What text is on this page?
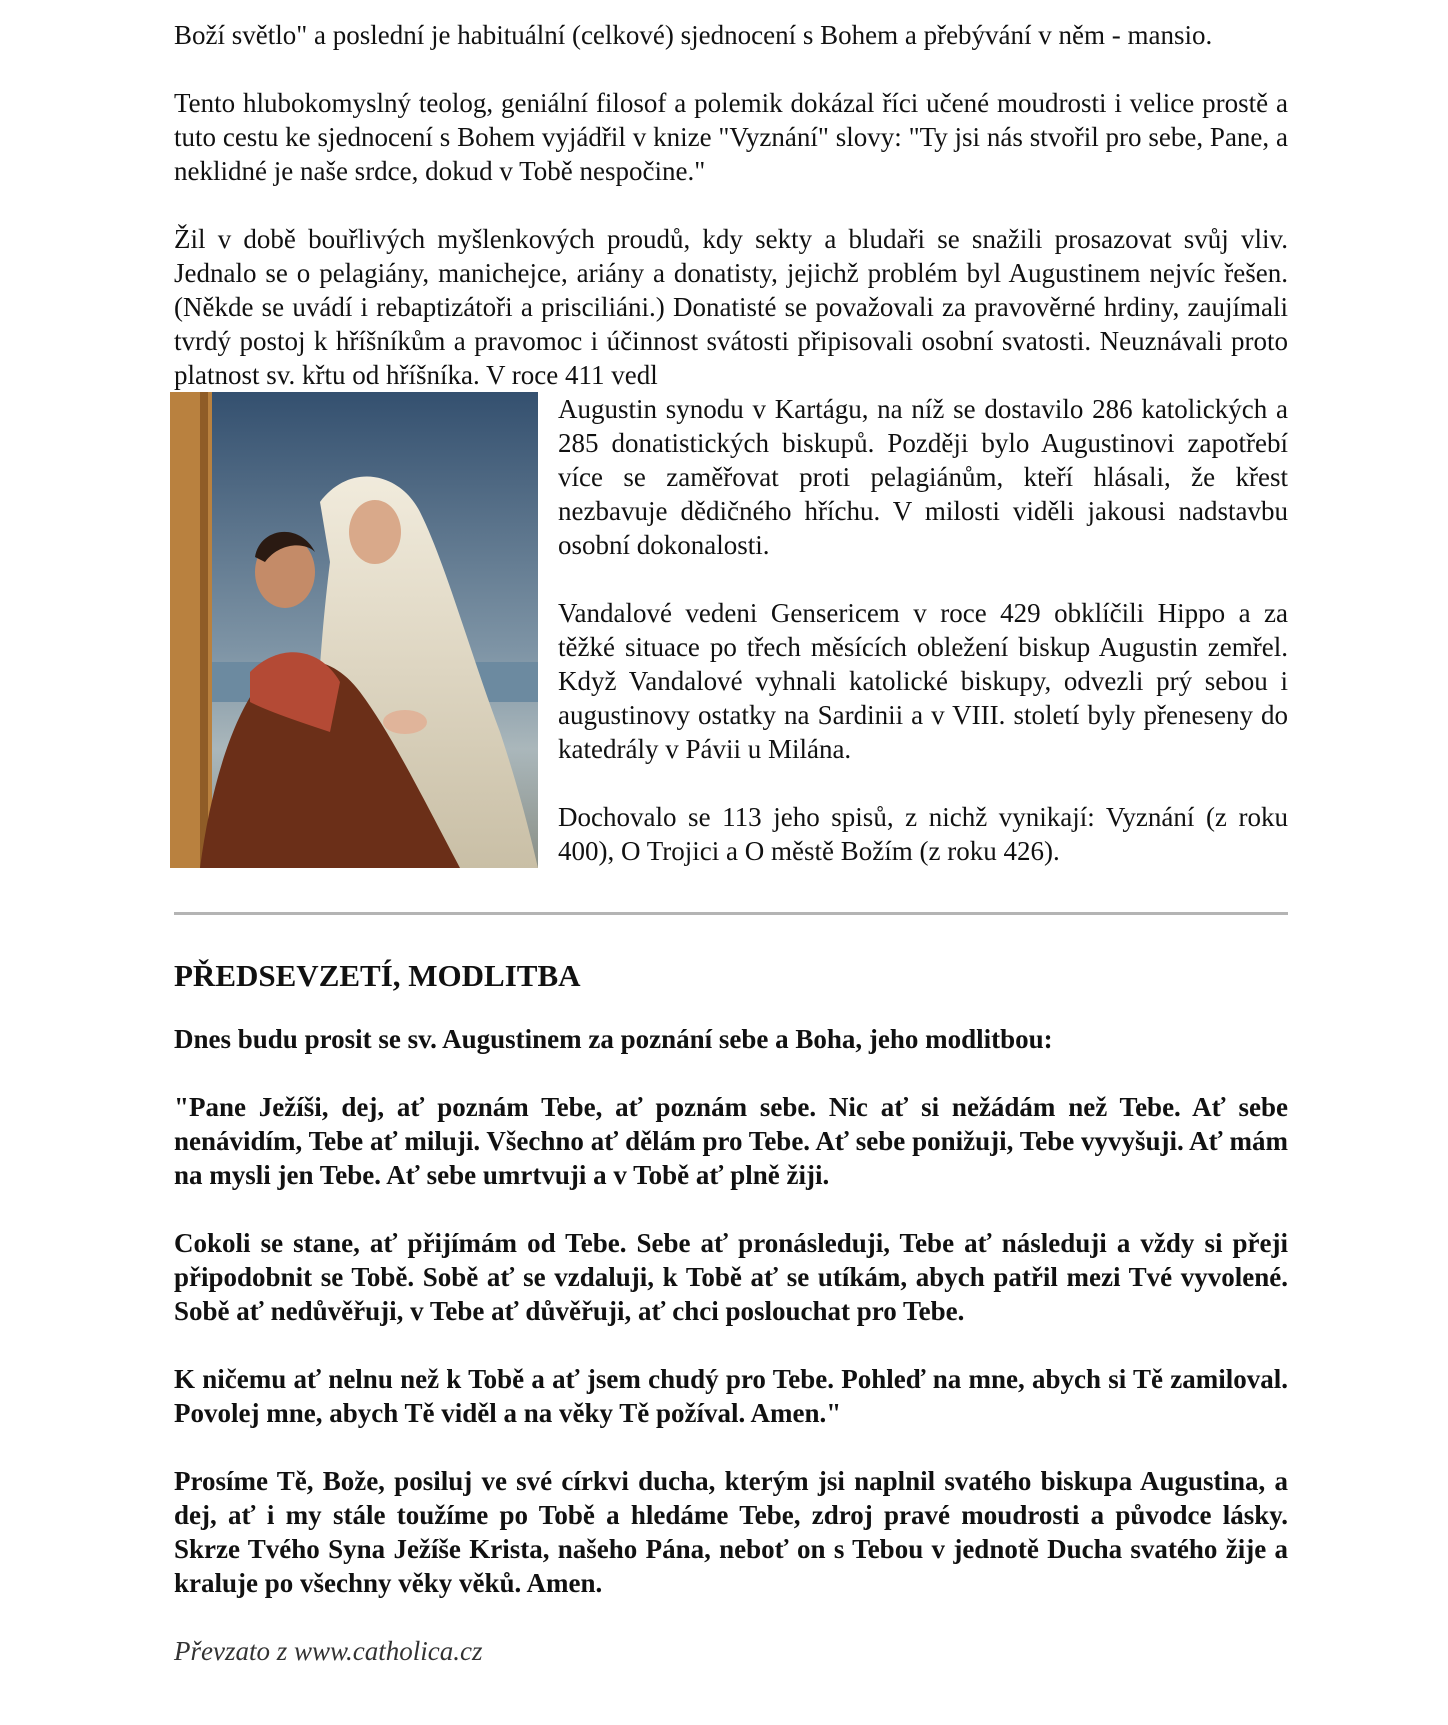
Boží světlo" a poslední je habituální (celkové) sjednocení s Bohem a přebývání v něm - mansio.

Tento hlubokomyslný teolog, geniální filosof a polemik dokázal říci učené moudrosti i velice prostě a tuto cestu ke sjednocení s Bohem vyjádřil v knize "Vyznání" slovy: "Ty jsi nás stvořil pro sebe, Pane, a neklidné je naše srdce, dokud v Tobě nespočine."

Žil v době bouřlivých myšlenkových proudů, kdy sekty a bludaři se snažili prosazovat svůj vliv. Jednalo se o pelagiány, manichejce, ariány a donatisty, jejichž problém byl Augustinem nejvíc řešen. (Někde se uvádí i rebaptizátoři a prisciliáni.) Donatisté se považovali za pravověrné hrdiny, zaujímali tvrdý postoj k hříšníkům a pravomoc i účinnost svátosti připisovali osobní svatosti. Neuznávali proto platnost sv. křtu od hříšníka. V roce 411 vedl

Augustin synodu v Kartágu, na níž se dostavilo 286 katolických a 285 donatistických biskupů. Později bylo Augustinovi zapotřebí více se zaměřovat proti pelagiánům, kteří hlásali, že křest nezbavuje dědičného hříchu. V milosti viděli jakousi nadstavbu osobní dokonalosti.

Vandalové vedeni Gensericem v roce 429 obklíčili Hippo a za těžké situace po třech měsících obležení biskup Augustin zemřel. Když Vandalové vyhnali katolické biskupy, odvezli prý sebou i augustinovy ostatky na Sardinii a v VIII. století byly přeneseny do katedrály v Pávii u Milána.

Dochovalo se 113 jeho spisů, z nichž vynikají: Vyznání (z roku 400), O Trojici a O městě Božím (z roku 426).

PŘEDSEVZETÍ, MODLITBA

Dnes budu prosit se sv. Augustinem za poznání sebe a Boha, jeho modlitbou:

"Pane Ježíši, dej, ať poznám Tebe, ať poznám sebe. Nic ať si nežádám než Tebe. Ať sebe nenávidím, Tebe ať miluji. Všechno ať dělám pro Tebe. Ať sebe ponižuji, Tebe vyvyšuji. Ať mám na mysli jen Tebe. Ať sebe umrtvuji a v Tobě ať plně žiji.

Cokoli se stane, ať přijímám od Tebe. Sebe ať pronásleduji, Tebe ať následuji a vždy si přeji připodobnit se Tobě. Sobě ať se vzdaluji, k Tobě ať se utíkám, abych patřil mezi Tvé vyvolené. Sobě ať nedůvěřuji, v Tebe ať důvěřuji, ať chci poslouchat pro Tebe.

K ničemu ať nelnu než k Tobě a ať jsem chudý pro Tebe. Pohleď na mne, abych si Tě zamiloval. Povolej mne, abych Tě viděl a na věky Tě požíval. Amen."

Prosíme Tě, Bože, posiluj ve své církvi ducha, kterým jsi naplnil svatého biskupa Augustina, a dej, ať i my stále toužíme po Tobě a hledáme Tebe, zdroj pravé moudrosti a původce lásky. Skrze Tvého Syna Ježíše Krista, našeho Pána, neboť on s Tebou v jednotě Ducha svatého žije a kraluje po všechny věky věků. Amen.

Převzato z www.catholica.cz
